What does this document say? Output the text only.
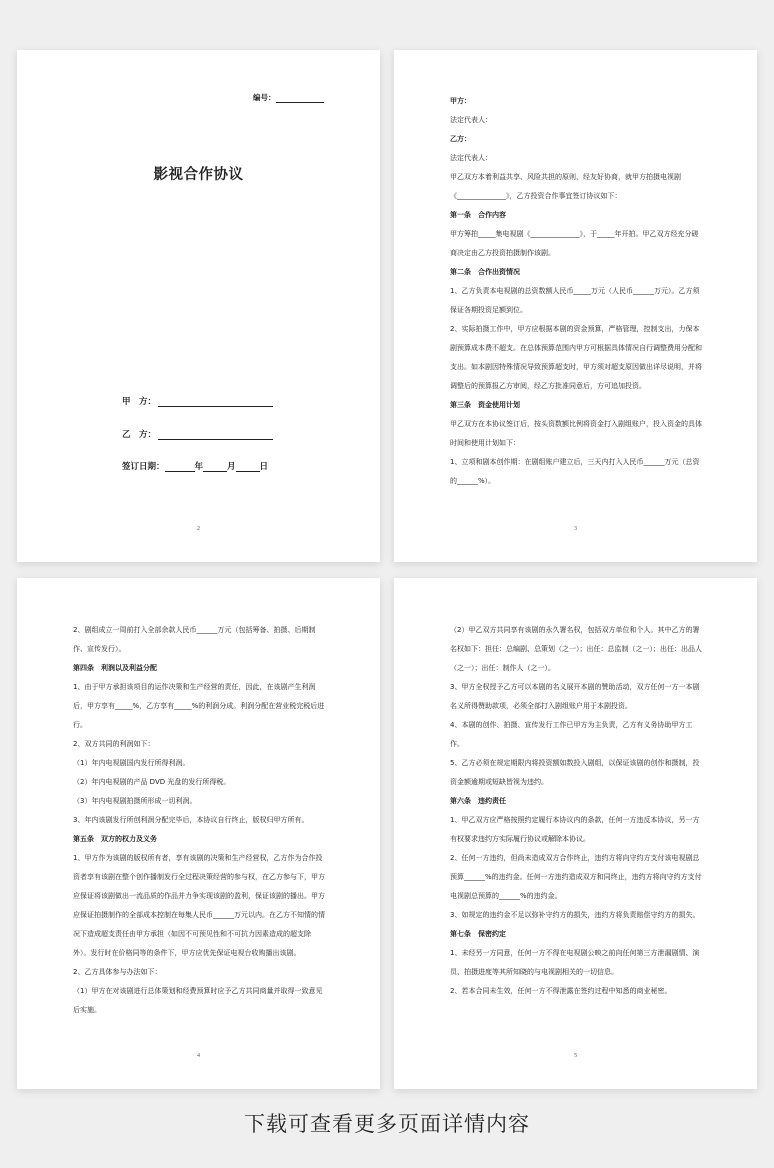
编号：
影视合作协议
甲　方：
乙　方：
签订日期：	年	月	日
2

甲方：

法定代表人：

乙方：

法定代表人：

甲乙双方本着利益共享、风险共担的原则，经友好协商，就甲方拍摄电视剧《______________》，乙方投资合作事宜签订协议如下：

第一条　合作内容

甲方筹拍_____集电视剧《______________》，于_____年开拍。甲乙双方经充分磋商决定由乙方投资拍摄制作该剧。

第二条　合作出资情况

1、乙方负责本电视剧的总资数额人民币_____万元（人民币______万元）。乙方须保证各期投资足额到位。

2、实际拍摄工作中，甲方应根据本剧的资金预算，严格管理，控制支出，力保本剧预算成本费不超支。在总体预算范围内甲方可根据具体情况自行调整费用分配和支出。如本剧因特殊情况导致预算超支时，甲方须对超支原因做出详尽说明，并将调整后的预算报乙方审阅，经乙方批准同意后，方可追加投资。

第三条　资金使用计划

甲乙双方在本协议签订后，按头资数额比例将资金打入剧组账户，投入资金的具体时间和使用计划如下：

1、立项和剧本创作期：在剧组账户建立后，三天内打入人民币______万元（总资的______%）。

3

2、剧组成立一周前打入全部余款人民币______万元（包括筹备、拍摄、后期制作、宣传发行）。

第四条　利润以及利益分配

1、由于甲方承担该项目的运作决策和生产经营的责任，因此，在该剧产生利润后，甲方享有_____%，乙方享有_____%的利润分成。利润分配在营业税完税后进行。

2、双方共同的利润如下：

（1）年内电视剧国内发行所得利润。

（2）年内电视剧的产品 DVD 光盘的发行所得税。

（3）年内电视剧拍摄所形成一切利润。

3、年内该剧发行所创利润分配完毕后，本协议自行终止，版权归甲方所有。

第五条　双方的权力及义务

1、甲方作为该剧的版权所有者，享有该剧的决策和生产经营权，乙方作为合作投资者享有该剧在整个创作播制发行全过程决策经营的参与权，在乙方参与下，甲方应保证将该剧做出一流品质的作品并力争实现该剧的盈利，保证该剧的播出。甲方应保证拍摄制作的全部成本控制在每集人民币______万元以内。在乙方不知情的情况下造成超支责任由甲方承担（如因不可预见性和不可抗力因素造成的超支除外）。发行时在价格同等的条件下，甲方应优先保证电视台收购播出该剧。

2、乙方具体参与办法如下：

（1）甲方在对该剧进行总体策划和经费预算时应予乙方共同商量并取得一致意见后实施。

4

（2）甲乙双方共同享有该剧的永久署名权，包括双方单位和个人。其中乙方的署名权如下：担任：总编剧、总策划（之一）；出任：总监制（之一）；出任：出品人（之一）；出任：制作人（之一）。

3、甲方全权授予乙方可以本剧的名义展开本剧的赞助活动，双方任何一方一本剧名义所得赞助款项，必须全部打入剧组账户用于本剧投资。

4、本剧的创作、拍摄、宣传发行工作已甲方为主负责，乙方有义务协助甲方工作。

5、乙方必须在规定期限内将投资额如数投入剧组，以保证该剧的创作和摄制，投资金额逾期或短缺皆视为违约。

第六条　违约责任

1、甲乙双方应严格按照约定履行本协议内的条款，任何一方违反本协议，另一方有权要求违约方实际履行协议或解除本协议。

2、任何一方违约，但尚未造成双方合作终止，违约方将向守约方支付该电视剧总预算______%的违约金。任何一方违约造成双方和同终止，违约方将向守约方支付电视剧总预算的______%的违约金。

3、如规定的违约金不足以弥补守约方的损失，违约方将负责赔偿守约方的损失。

第七条　保密约定

1、未经另一方同意，任何一方不得在电视剧公映之前向任何第三方泄漏剧情、演员、拍摄进度等其所知晓的与电视剧相关的一切信息。

2、若本合同未生效，任何一方不得泄露在签约过程中知悉的商业秘密。

5
下载可查看更多页面详情内容
